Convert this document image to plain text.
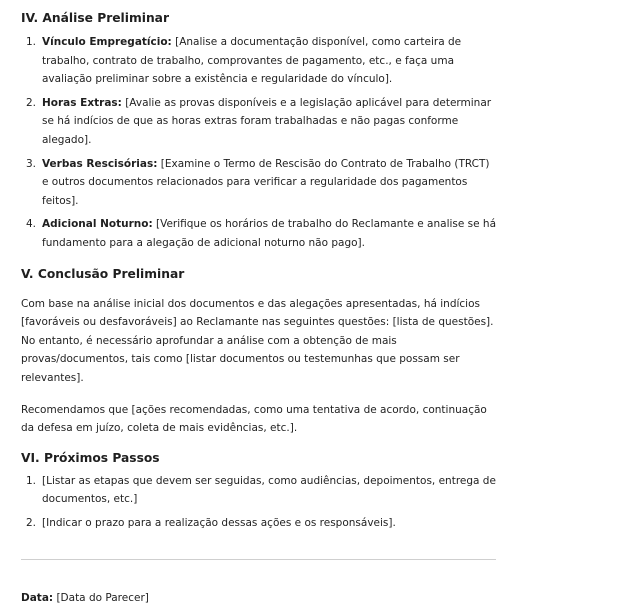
IV. Análise Preliminar
1. Vínculo Empregatício: [Analise a documentação disponível, como carteira de trabalho, contrato de trabalho, comprovantes de pagamento, etc., e faça uma avaliação preliminar sobre a existência e regularidade do vínculo].
2. Horas Extras: [Avalie as provas disponíveis e a legislação aplicável para determinar se há indícios de que as horas extras foram trabalhadas e não pagas conforme alegado].
3. Verbas Rescisórias: [Examine o Termo de Rescisão do Contrato de Trabalho (TRCT) e outros documentos relacionados para verificar a regularidade dos pagamentos feitos].
4. Adicional Noturno: [Verifique os horários de trabalho do Reclamante e analise se há fundamento para a alegação de adicional noturno não pago].
V. Conclusão Preliminar

Com base na análise inicial dos documentos e das alegações apresentadas, há indícios [favoráveis ou desfavoráveis] ao Reclamante nas seguintes questões: [lista de questões]. No entanto, é necessário aprofundar a análise com a obtenção de mais provas/documentos, tais como [listar documentos ou testemunhas que possam ser relevantes].

Recomendamos que [ações recomendadas, como uma tentativa de acordo, continuação da defesa em juízo, coleta de mais evidências, etc.].

VI. Próximos Passos
1. [Listar as etapas que devem ser seguidas, como audiências, depoimentos, entrega de documentos, etc.]
2. [Indicar o prazo para a realização dessas ações e os responsáveis].

Data: [Data do Parecer]
